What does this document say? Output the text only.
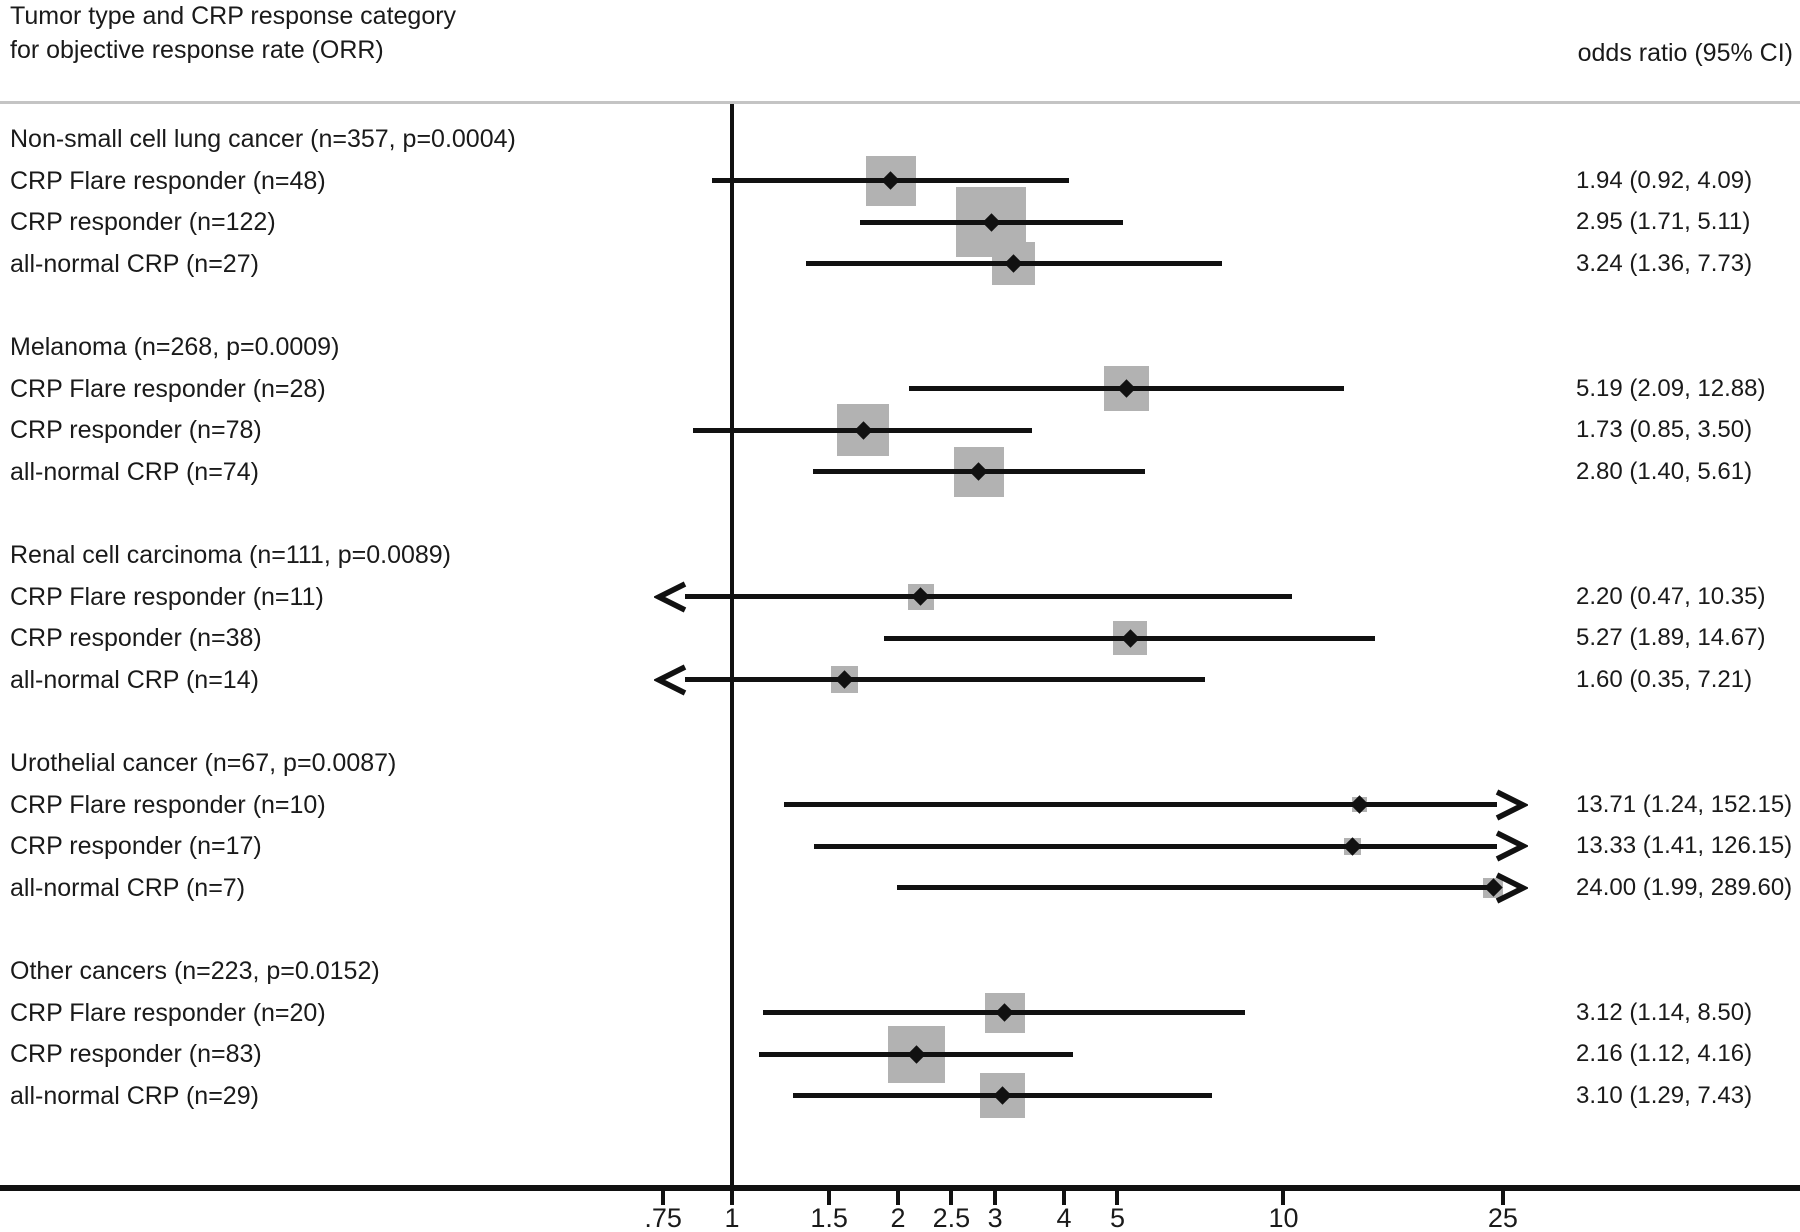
Tumor type and CRP response category
for objective response rate (ORR)	odds ratio (95% CI)
Non-small cell lung cancer (n=357, p=0.0004)
CRP Flare responder (n=48)	1.94 (0.92, 4.09)
CRP responder (n=122)	2.95 (1.71, 5.11)
all-normal CRP (n=27)	3.24 (1.36, 7.73)
Melanoma (n=268, p=0.0009)
CRP Flare responder (n=28)	5.19 (2.09, 12.88)
CRP responder (n=78)	1.73 (0.85, 3.50)
all-normal CRP (n=74)	2.80 (1.40, 5.61)
Renal cell carcinoma (n=111, p=0.0089)
CRP Flare responder (n=11)	2.20 (0.47, 10.35)
CRP responder (n=38)	5.27 (1.89, 14.67)
all-normal CRP (n=14)	1.60 (0.35, 7.21)
Urothelial cancer (n=67, p=0.0087)
CRP Flare responder (n=10)	13.71 (1.24, 152.15)
CRP responder (n=17)	13.33 (1.41, 126.15)
all-normal CRP (n=7)	24.00 (1.99, 289.60)
Other cancers (n=223, p=0.0152)
CRP Flare responder (n=20)	3.12 (1.14, 8.50)
CRP responder (n=83)	2.16 (1.12, 4.16)
all-normal CRP (n=29)	3.10 (1.29, 7.43)
.75	1	1.5	2	2.5 3	4	5	10	25
